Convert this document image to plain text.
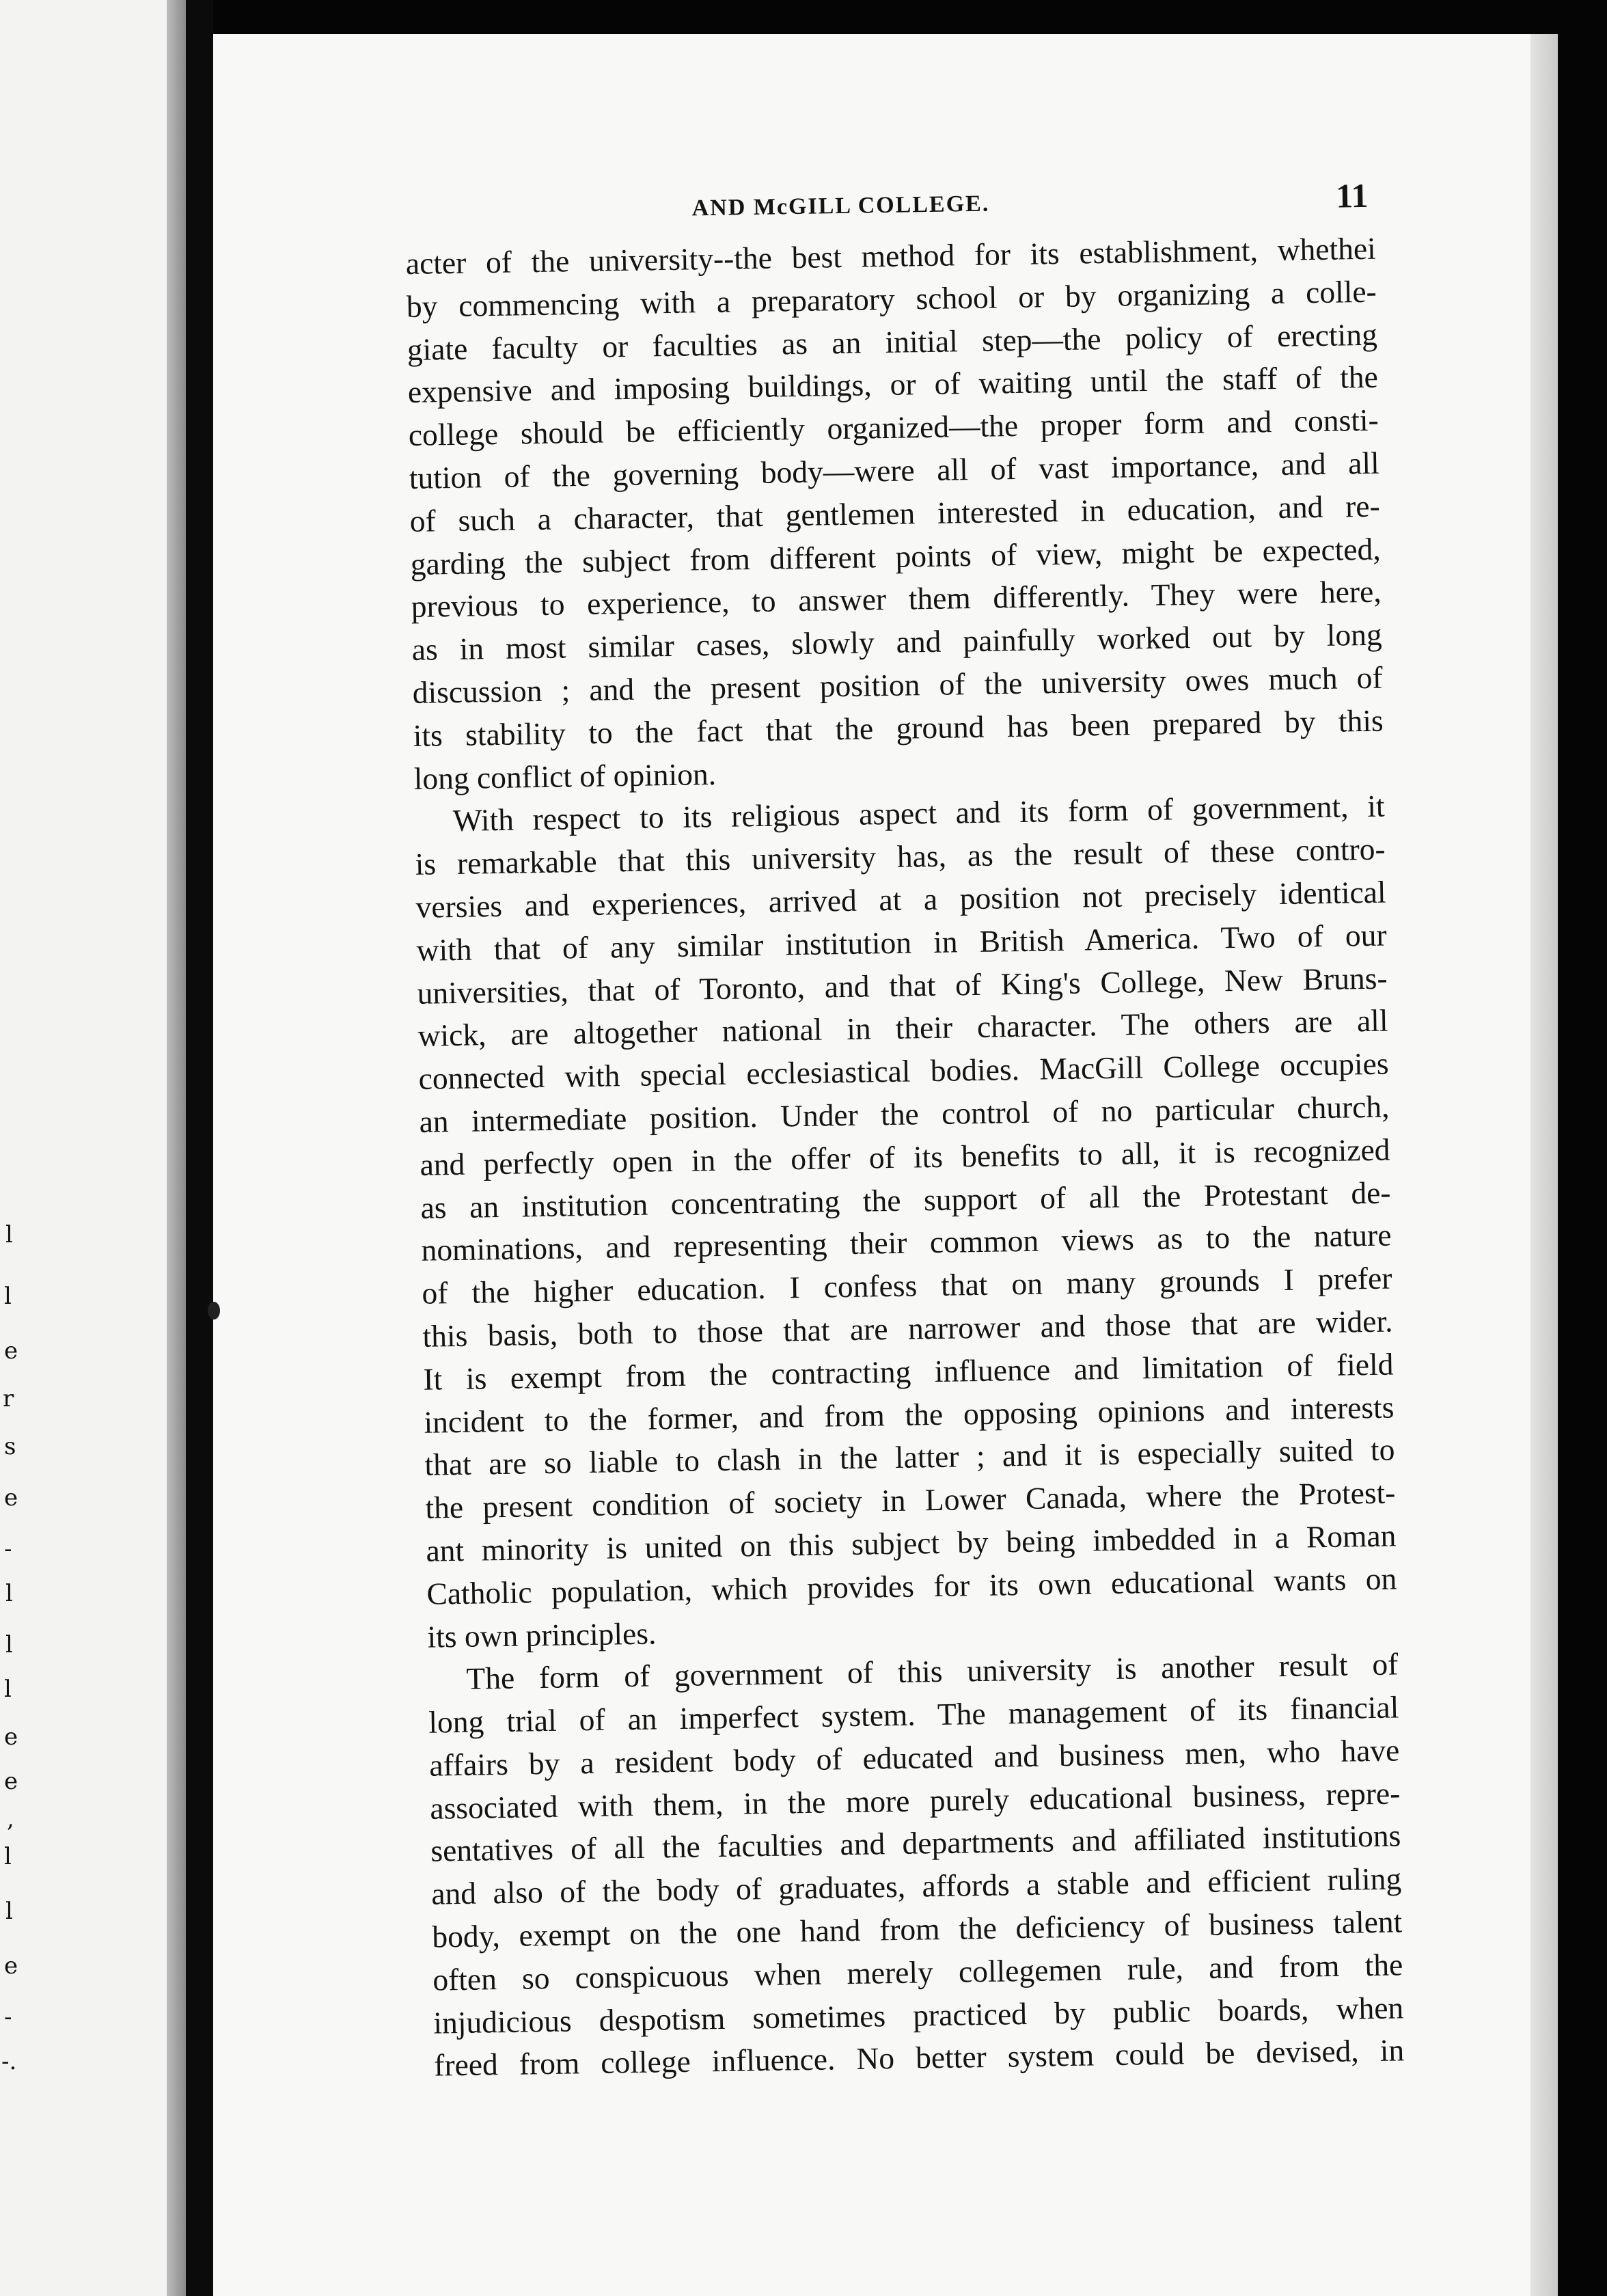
l
l
e
r
s
e
-
l
l
l
e
e
,
l
l
e
-
-.
AND McGILL COLLEGE.	11
acter of the university--the best method for its establishment, whethei
by commencing with a preparatory school or by organizing a colle-
giate faculty or faculties as an initial step—the policy of erecting
expensive and imposing buildings, or of waiting until the staff of the
college should be efficiently organized—the proper form and consti-
tution of the governing body—were all of vast importance, and all
of such a character, that gentlemen interested in education, and re-
garding the subject from different points of view, might be expected,
previous to experience, to answer them differently. They were here,
as in most similar cases, slowly and painfully worked out by long
discussion ; and the present position of the university owes much of
its stability to the fact that the ground has been prepared by this
long conflict of opinion.
With respect to its religious aspect and its form of government, it
is remarkable that this university has, as the result of these contro-
versies and experiences, arrived at a position not precisely identical
with that of any similar institution in British America. Two of our
universities, that of Toronto, and that of King's College, New Bruns-
wick, are altogether national in their character. The others are all
connected with special ecclesiastical bodies. MacGill College occupies
an intermediate position. Under the control of no particular church,
and perfectly open in the offer of its benefits to all, it is recognized
as an institution concentrating the support of all the Protestant de-
nominations, and representing their common views as to the nature
of the higher education. I confess that on many grounds I prefer
this basis, both to those that are narrower and those that are wider.
It is exempt from the contracting influence and limitation of field
incident to the former, and from the opposing opinions and interests
that are so liable to clash in the latter ; and it is especially suited to
the present condition of society in Lower Canada, where the Protest-
ant minority is united on this subject by being imbedded in a Roman
Catholic population, which provides for its own educational wants on
its own principles.
The form of government of this university is another result of
long trial of an imperfect system. The management of its financial
affairs by a resident body of educated and business men, who have
associated with them, in the more purely educational business, repre-
sentatives of all the faculties and departments and affiliated institutions
and also of the body of graduates, affords a stable and efficient ruling
body, exempt on the one hand from the deficiency of business talent
often so conspicuous when merely collegemen rule, and from the
injudicious despotism sometimes practiced by public boards, when
freed from college influence. No better system could be devised, in
